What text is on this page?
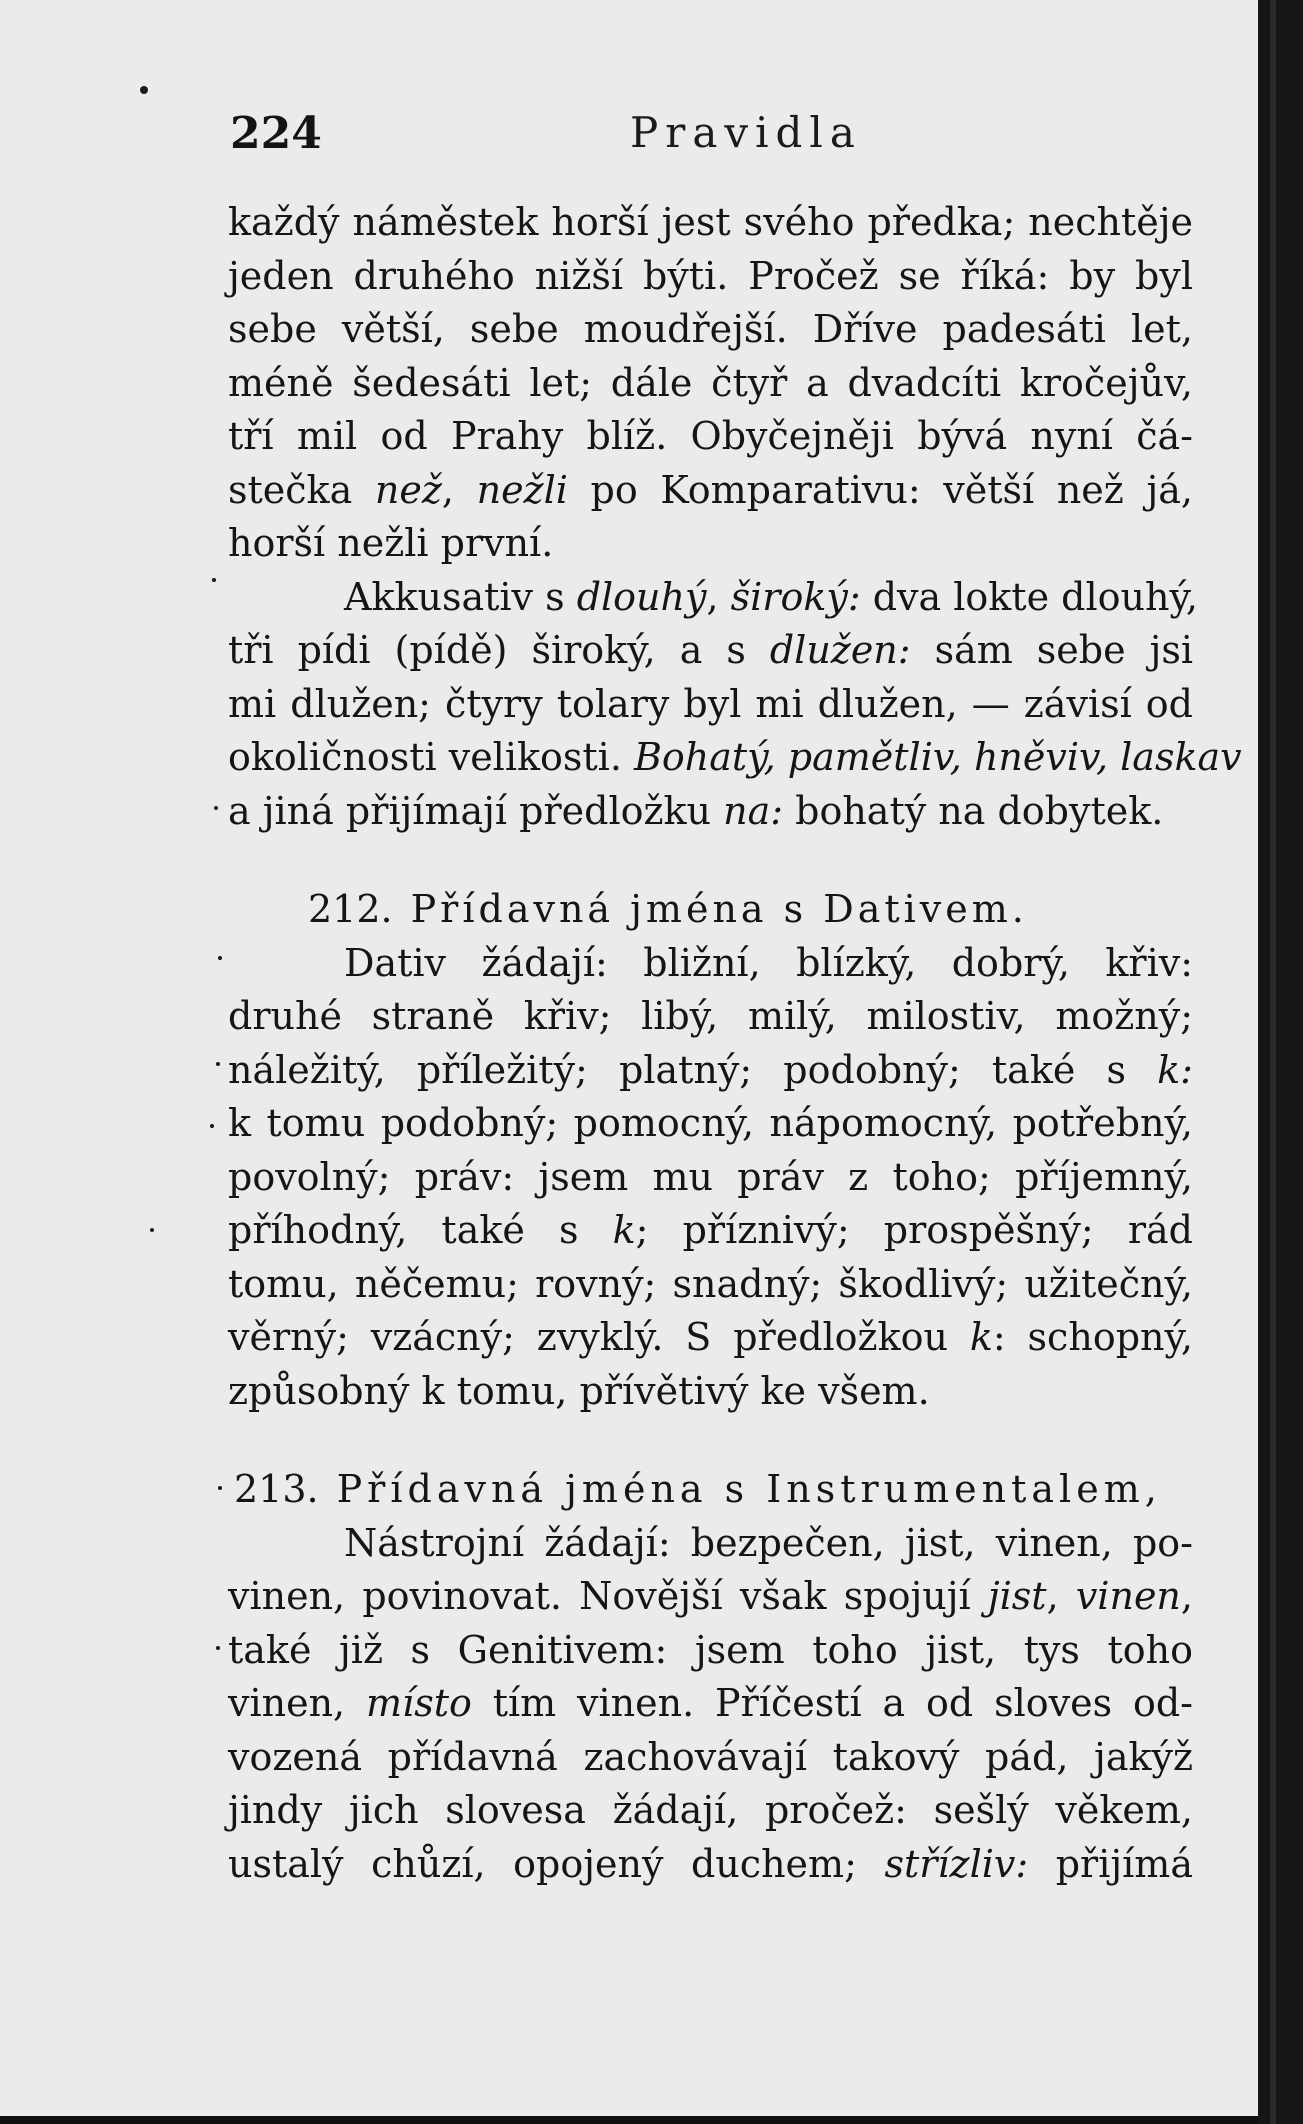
224	Pravidla
každý náměstek horší jest svého předka; nechtěje
jeden druhého nižší býti. Pročež se říká: by byl
sebe větší, sebe moudřejší. Dříve padesáti let,
méně šedesáti let; dále čtyř a dvadcíti kročejův,
tří mil od Prahy blíž. Obyčejněji bývá nyní čá-
stečka než, nežli po Komparativu: větší než já,
horší nežli první.
Akkusativ s dlouhý, široký: dva lokte dlouhý,
tři pídi (pídě) široký, a s dlužen: sám sebe jsi
mi dlužen; čtyry tolary byl mi dlužen, — závisí od
okoličnosti velikosti. Bohatý, pamětliv, hněviv, laskav
a jiná přijímají předložku na: bohatý na dobytek.
212. Přídavná jména s Dativem.
Dativ žádají: bližní, blízký, dobrý, křiv:
druhé straně křiv; libý, milý, milostiv, možný;
náležitý, příležitý; platný; podobný; také s k:
k tomu podobný; pomocný, nápomocný, potřebný,
povolný; práv: jsem mu práv z toho; příjemný,
příhodný, také s k; příznivý; prospěšný; rád
tomu, něčemu; rovný; snadný; škodlivý; užitečný,
věrný; vzácný; zvyklý. S předložkou k: schopný,
způsobný k tomu, přívětivý ke všem.
213. Přídavná jména s Instrumentalem,
Nástrojní žádají: bezpečen, jist, vinen, po-
vinen, povinovat. Novější však spojují jist, vinen,
také již s Genitivem: jsem toho jist, tys toho
vinen, místo tím vinen. Příčestí a od sloves od-
vozená přídavná zachovávají takový pád, jakýž
jindy jich slovesa žádají, pročež: sešlý věkem,
ustalý chůzí, opojený duchem; střízliv: přijímá
